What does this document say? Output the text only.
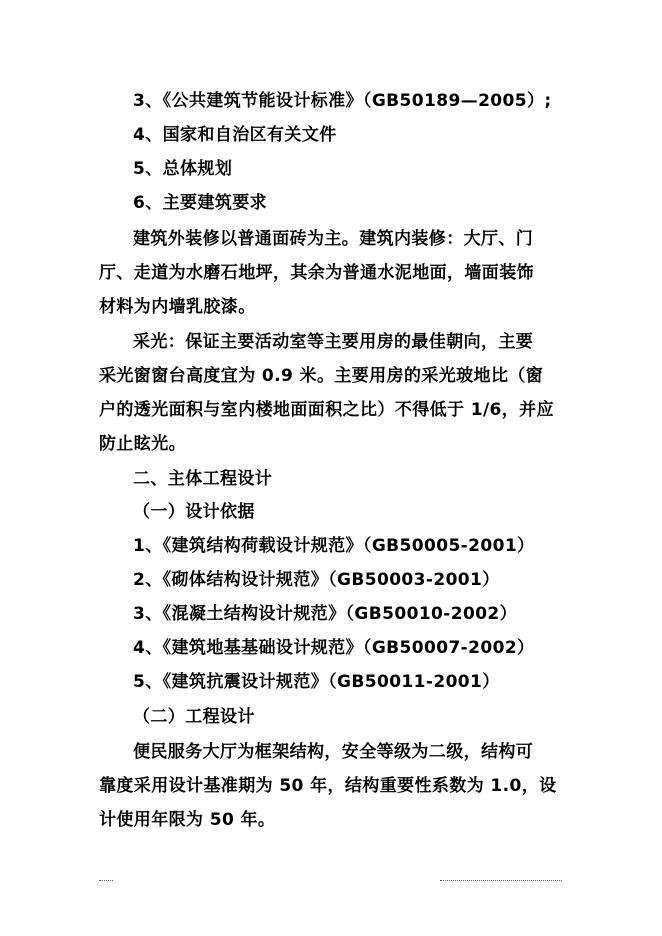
3、《公共建筑节能设计标准》（GB50189—2005）;
4、国家和自治区有关文件
5、总体规划
6、主要建筑要求
建筑外装修以普通面砖为主。建筑内装修：大厅、门
厅、走道为水磨石地坪，其余为普通水泥地面，墙面装饰
材料为内墙乳胶漆。
采光：保证主要活动室等主要用房的最佳朝向，主要
采光窗窗台高度宜为 0.9 米。主要用房的采光玻地比（窗
户的透光面积与室内楼地面面积之比）不得低于 1/6，并应
防止眩光。
二、主体工程设计
（一）设计依据
1、《建筑结构荷载设计规范》（GB50005-2001）
2、《砌体结构设计规范》（GB50003-2001）
3、《混凝土结构设计规范》（GB50010-2002）
4、《建筑地基基础设计规范》（GB50007-2002）
5、《建筑抗震设计规范》（GB50011-2001）
（二）工程设计
便民服务大厅为框架结构，安全等级为二级，结构可
靠度采用设计基准期为 50 年，结构重要性系数为 1.0，设
计使用年限为 50 年。
